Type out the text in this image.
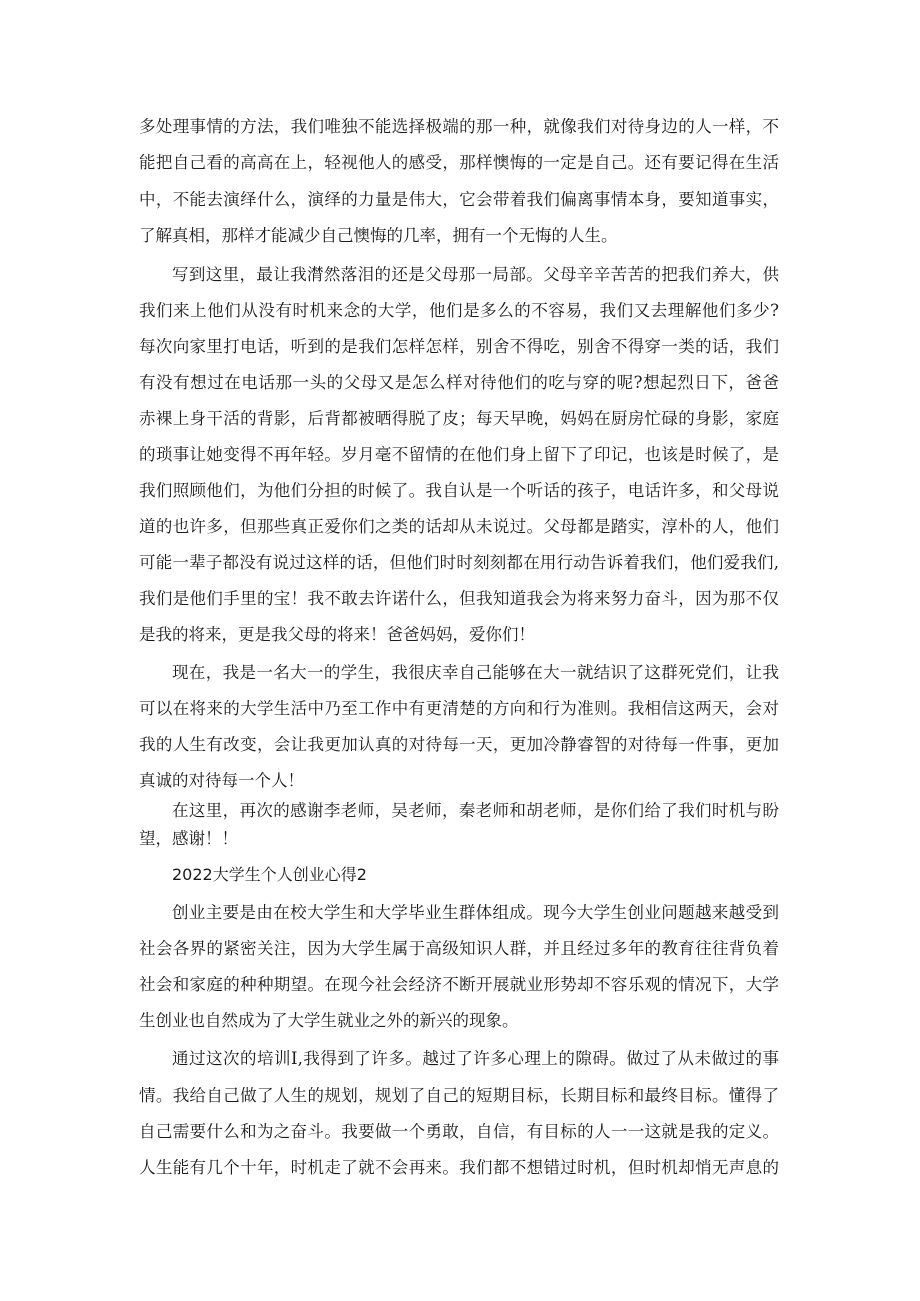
多处理事情的方法，我们唯独不能选择极端的那一种，就像我们对待身边的人一样，不
能把自己看的高高在上，轻视他人的感受，那样懊悔的一定是自己。还有要记得在生活
中，不能去演绎什么，演绎的力量是伟大，它会带着我们偏离事情本身，要知道事实，
了解真相，那样才能减少自己懊悔的几率，拥有一个无悔的人生。
写到这里，最让我潸然落泪的还是父母那一局部。父母辛辛苦苦的把我们养大，供
我们来上他们从没有时机来念的大学，他们是多么的不容易，我们又去理解他们多少?
每次向家里打电话，听到的是我们怎样怎样，别舍不得吃，别舍不得穿一类的话，我们
有没有想过在电话那一头的父母又是怎么样对待他们的吃与穿的呢?想起烈日下，爸爸
赤裸上身干活的背影，后背都被晒得脱了皮；每天早晚，妈妈在厨房忙碌的身影，家庭
的琐事让她变得不再年轻。岁月毫不留情的在他们身上留下了印记，也该是时候了，是
我们照顾他们，为他们分担的时候了。我自认是一个听话的孩子，电话许多，和父母说
道的也许多，但那些真正爱你们之类的话却从未说过。父母都是踏实，淳朴的人，他们
可能一辈子都没有说过这样的话，但他们时时刻刻都在用行动告诉着我们，他们爱我们,
我们是他们手里的宝！我不敢去许诺什么，但我知道我会为将来努力奋斗，因为那不仅
是我的将来，更是我父母的将来！爸爸妈妈，爱你们！
现在，我是一名大一的学生，我很庆幸自己能够在大一就结识了这群死党们，让我
可以在将来的大学生活中乃至工作中有更清楚的方向和行为准则。我相信这两天，会对
我的人生有改变，会让我更加认真的对待每一天，更加冷静睿智的对待每一件事，更加
真诚的对待每一个人！
在这里，再次的感谢李老师，吴老师，秦老师和胡老师，是你们给了我们时机与盼
望，感谢！！
2022大学生个人创业心得2
创业主要是由在校大学生和大学毕业生群体组成。现今大学生创业问题越来越受到
社会各界的紧密关注，因为大学生属于高级知识人群，并且经过多年的教育往往背负着
社会和家庭的种种期望。在现今社会经济不断开展就业形势却不容乐观的情况下，大学
生创业也自然成为了大学生就业之外的新兴的现象。
通过这次的培训I,我得到了许多。越过了许多心理上的隙碍。做过了从未做过的事
情。我给自己做了人生的规划，规划了自己的短期目标，长期目标和最终目标。懂得了
自己需要什么和为之奋斗。我要做一个勇敢，自信，有目标的人一一这就是我的定义。
人生能有几个十年，时机走了就不会再来。我们都不想错过时机，但时机却悄无声息的
